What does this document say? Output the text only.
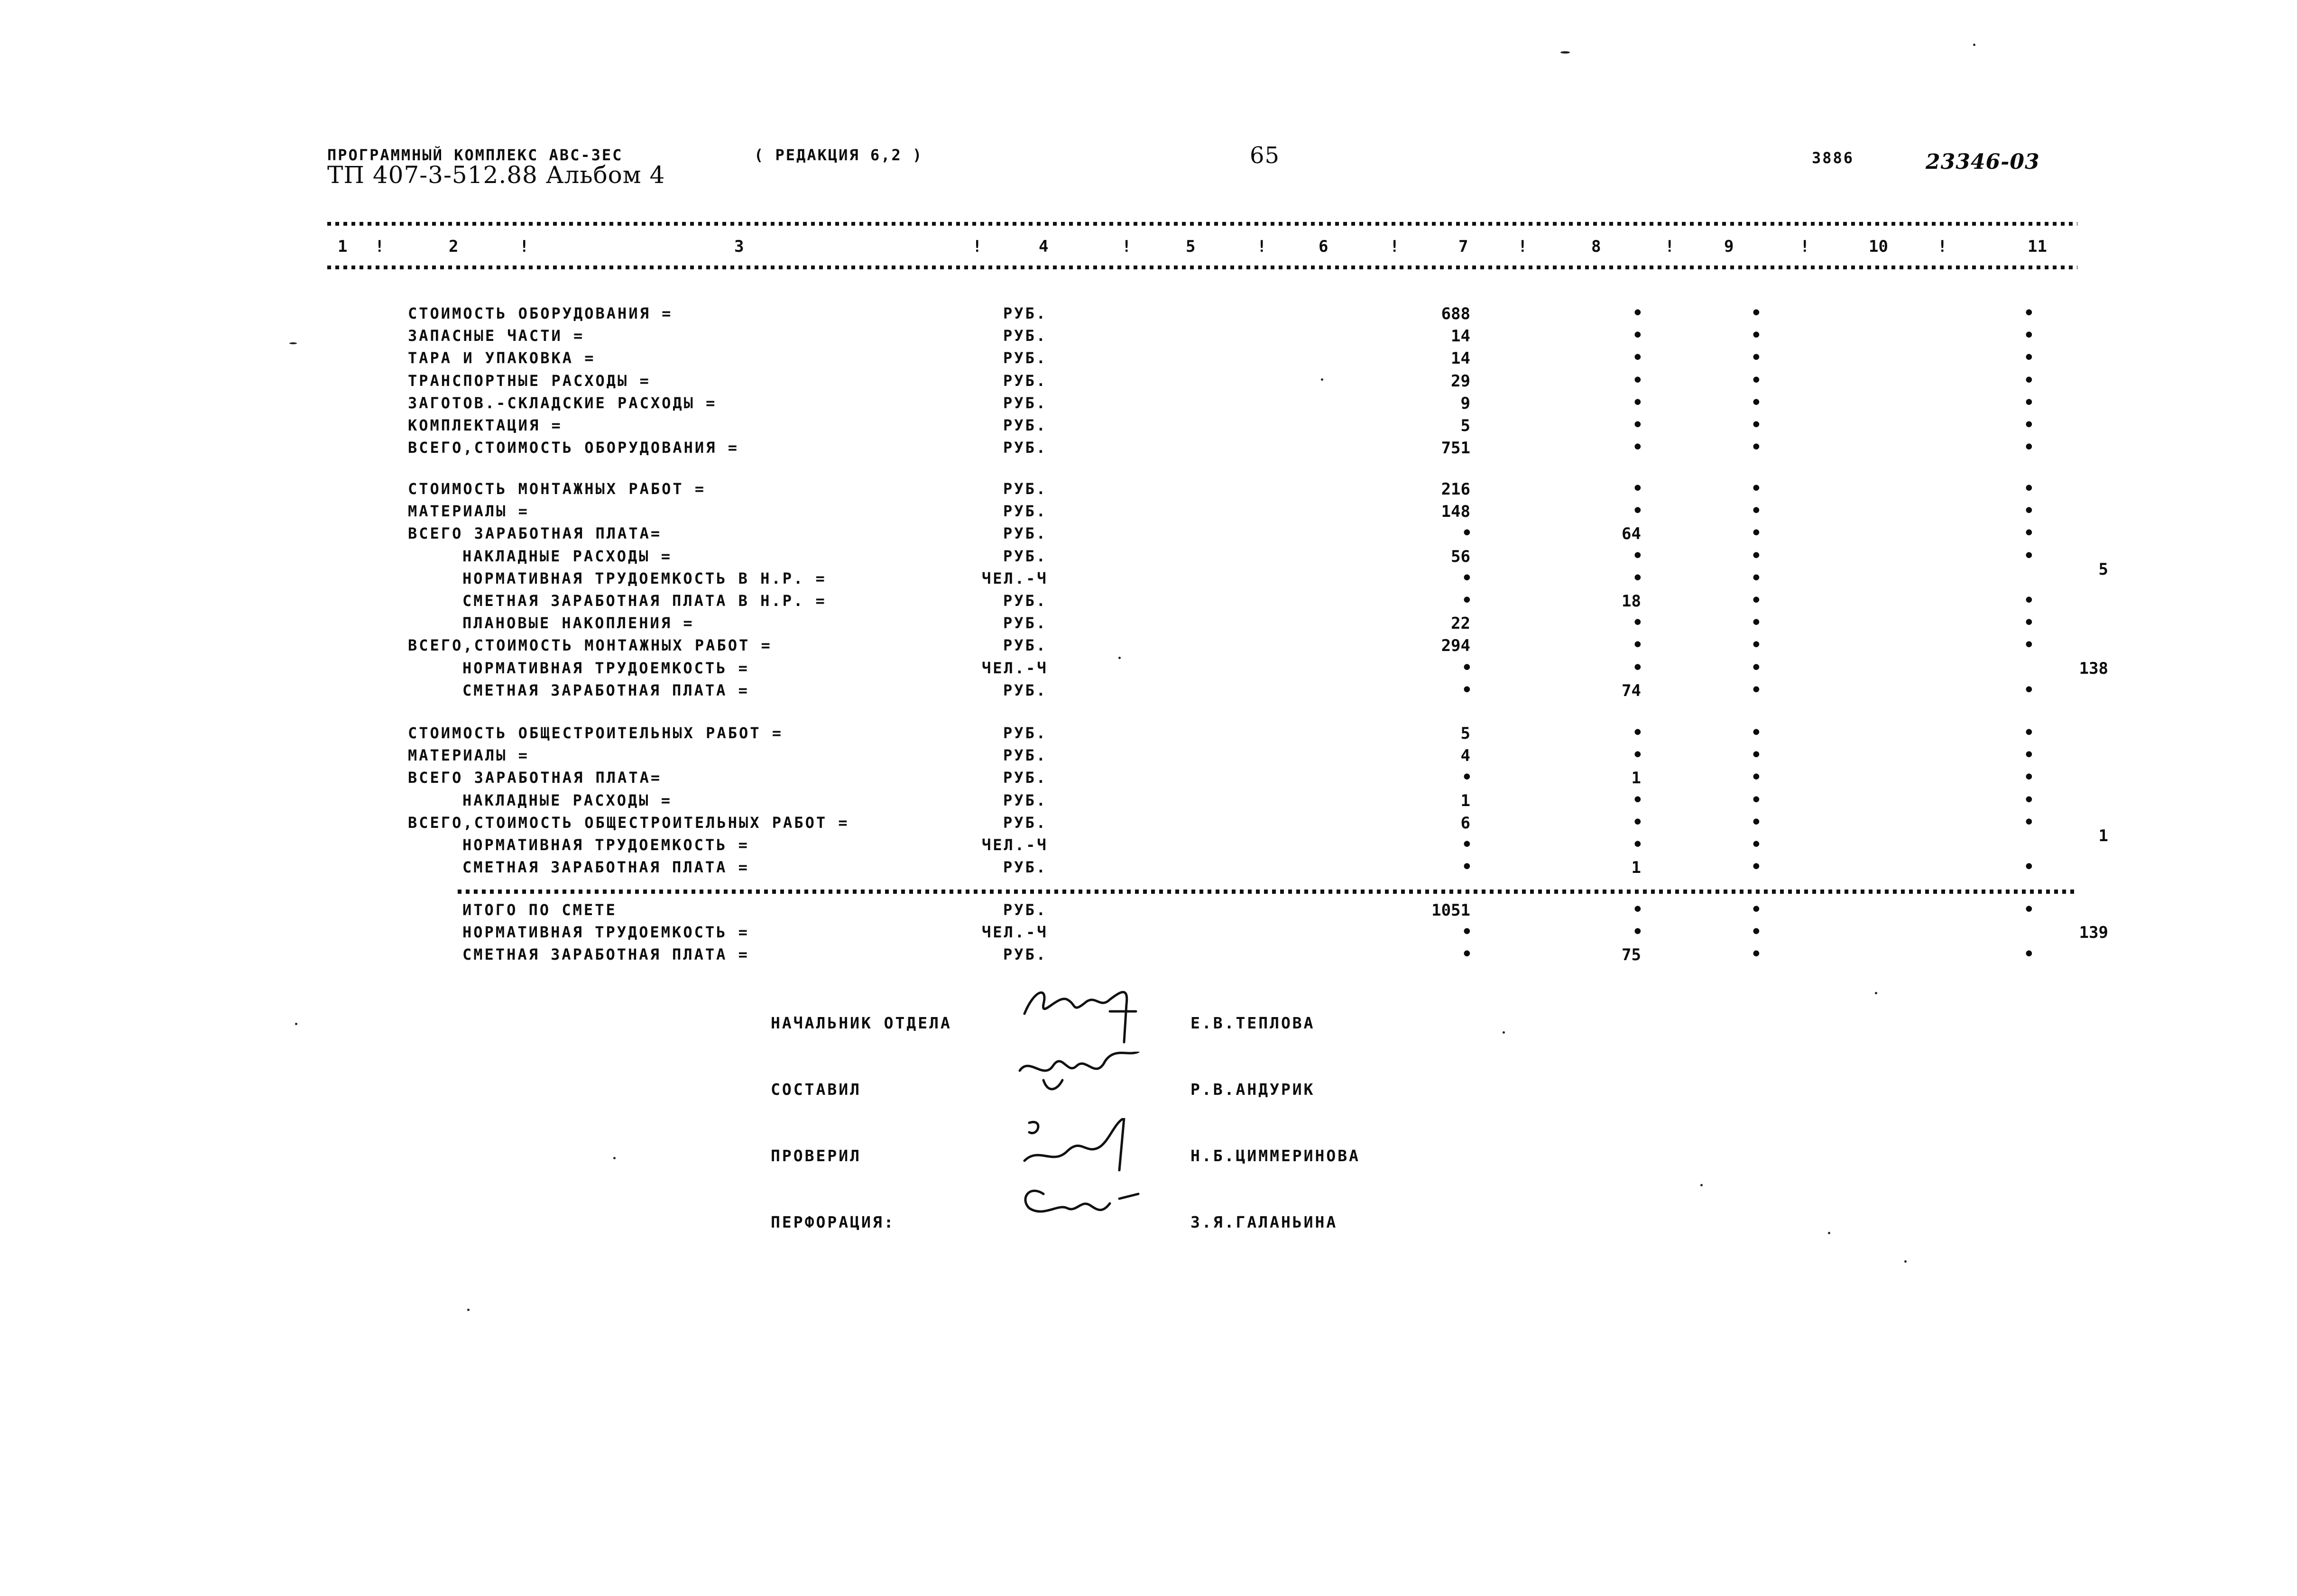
ПРОГРАММНЫЙ КОМПЛЕКС АВС-ЗЕС	( РЕДАКЦИЯ 6,2 )
ТП 407-3-512.88 Альбом 4
65	3886	23346-03
1	2	3	4	5	6	7	8	9	10	11
!	!	!	!	!	!	!	!	!	!
СТОИМОСТЬ ОБОРУДОВАНИЯ =	РУБ.	688	•	•	•
ЗАПАСНЫЕ ЧАСТИ =	РУБ.	14	•	•	•
ТАРА И УПАКОВКА =	РУБ.	14	•	•	•
ТРАНСПОРТНЫЕ РАСХОДЫ =	РУБ.	29	•	•	•
ЗАГОТОВ.-СКЛАДСКИЕ РАСХОДЫ =	РУБ.	9	•	•	•
КОМПЛЕКТАЦИЯ =	РУБ.	5	•	•	•
ВСЕГО,СТОИМОСТЬ ОБОРУДОВАНИЯ =	РУБ.	751	•	•	•
СТОИМОСТЬ МОНТАЖНЫХ РАБОТ =	РУБ.	216	•	•	•
МАТЕРИАЛЫ =	РУБ.	148	•	•	•
ВСЕГО ЗАРАБОТНАЯ ПЛАТА=	РУБ.	•	64	•	•
НАКЛАДНЫЕ РАСХОДЫ =	РУБ.	56	•	•	•
НОРМАТИВНАЯ ТРУДОЕМКОСТЬ В Н.Р. =	ЧЕЛ.-Ч	•	•	•	5
СМЕТНАЯ ЗАРАБОТНАЯ ПЛАТА В Н.Р. =	РУБ.	•	18	•	•
ПЛАНОВЫЕ НАКОПЛЕНИЯ =	РУБ.	22	•	•	•
ВСЕГО,СТОИМОСТЬ МОНТАЖНЫХ РАБОТ =	РУБ.	294	•	•	•
НОРМАТИВНАЯ ТРУДОЕМКОСТЬ =	ЧЕЛ.-Ч	•	•	•	138
СМЕТНАЯ ЗАРАБОТНАЯ ПЛАТА =	РУБ.	•	74	•	•
СТОИМОСТЬ ОБЩЕСТРОИТЕЛЬНЫХ РАБОТ =	РУБ.	5	•	•	•
МАТЕРИАЛЫ =	РУБ.	4	•	•	•
ВСЕГО ЗАРАБОТНАЯ ПЛАТА=	РУБ.	•	1	•	•
НАКЛАДНЫЕ РАСХОДЫ =	РУБ.	1	•	•	•
ВСЕГО,СТОИМОСТЬ ОБЩЕСТРОИТЕЛЬНЫХ РАБОТ =	РУБ.	6	•	•	•
НОРМАТИВНАЯ ТРУДОЕМКОСТЬ =	ЧЕЛ.-Ч	•	•	•	1
СМЕТНАЯ ЗАРАБОТНАЯ ПЛАТА =	РУБ.	•	1	•	•
ИТОГО ПО СМЕТЕ	РУБ.	1051	•	•	•
НОРМАТИВНАЯ ТРУДОЕМКОСТЬ =	ЧЕЛ.-Ч	•	•	•	139
СМЕТНАЯ ЗАРАБОТНАЯ ПЛАТА =	РУБ.	•	75	•	•
НАЧАЛЬНИК ОТДЕЛА	Е.В.ТЕПЛОВА
СОСТАВИЛ	Р.В.АНДУРИК
ПРОВЕРИЛ	Н.Б.ЦИММЕРИНОВА
ПЕРФОРАЦИЯ:	З.Я.ГАЛАНЬИНА
